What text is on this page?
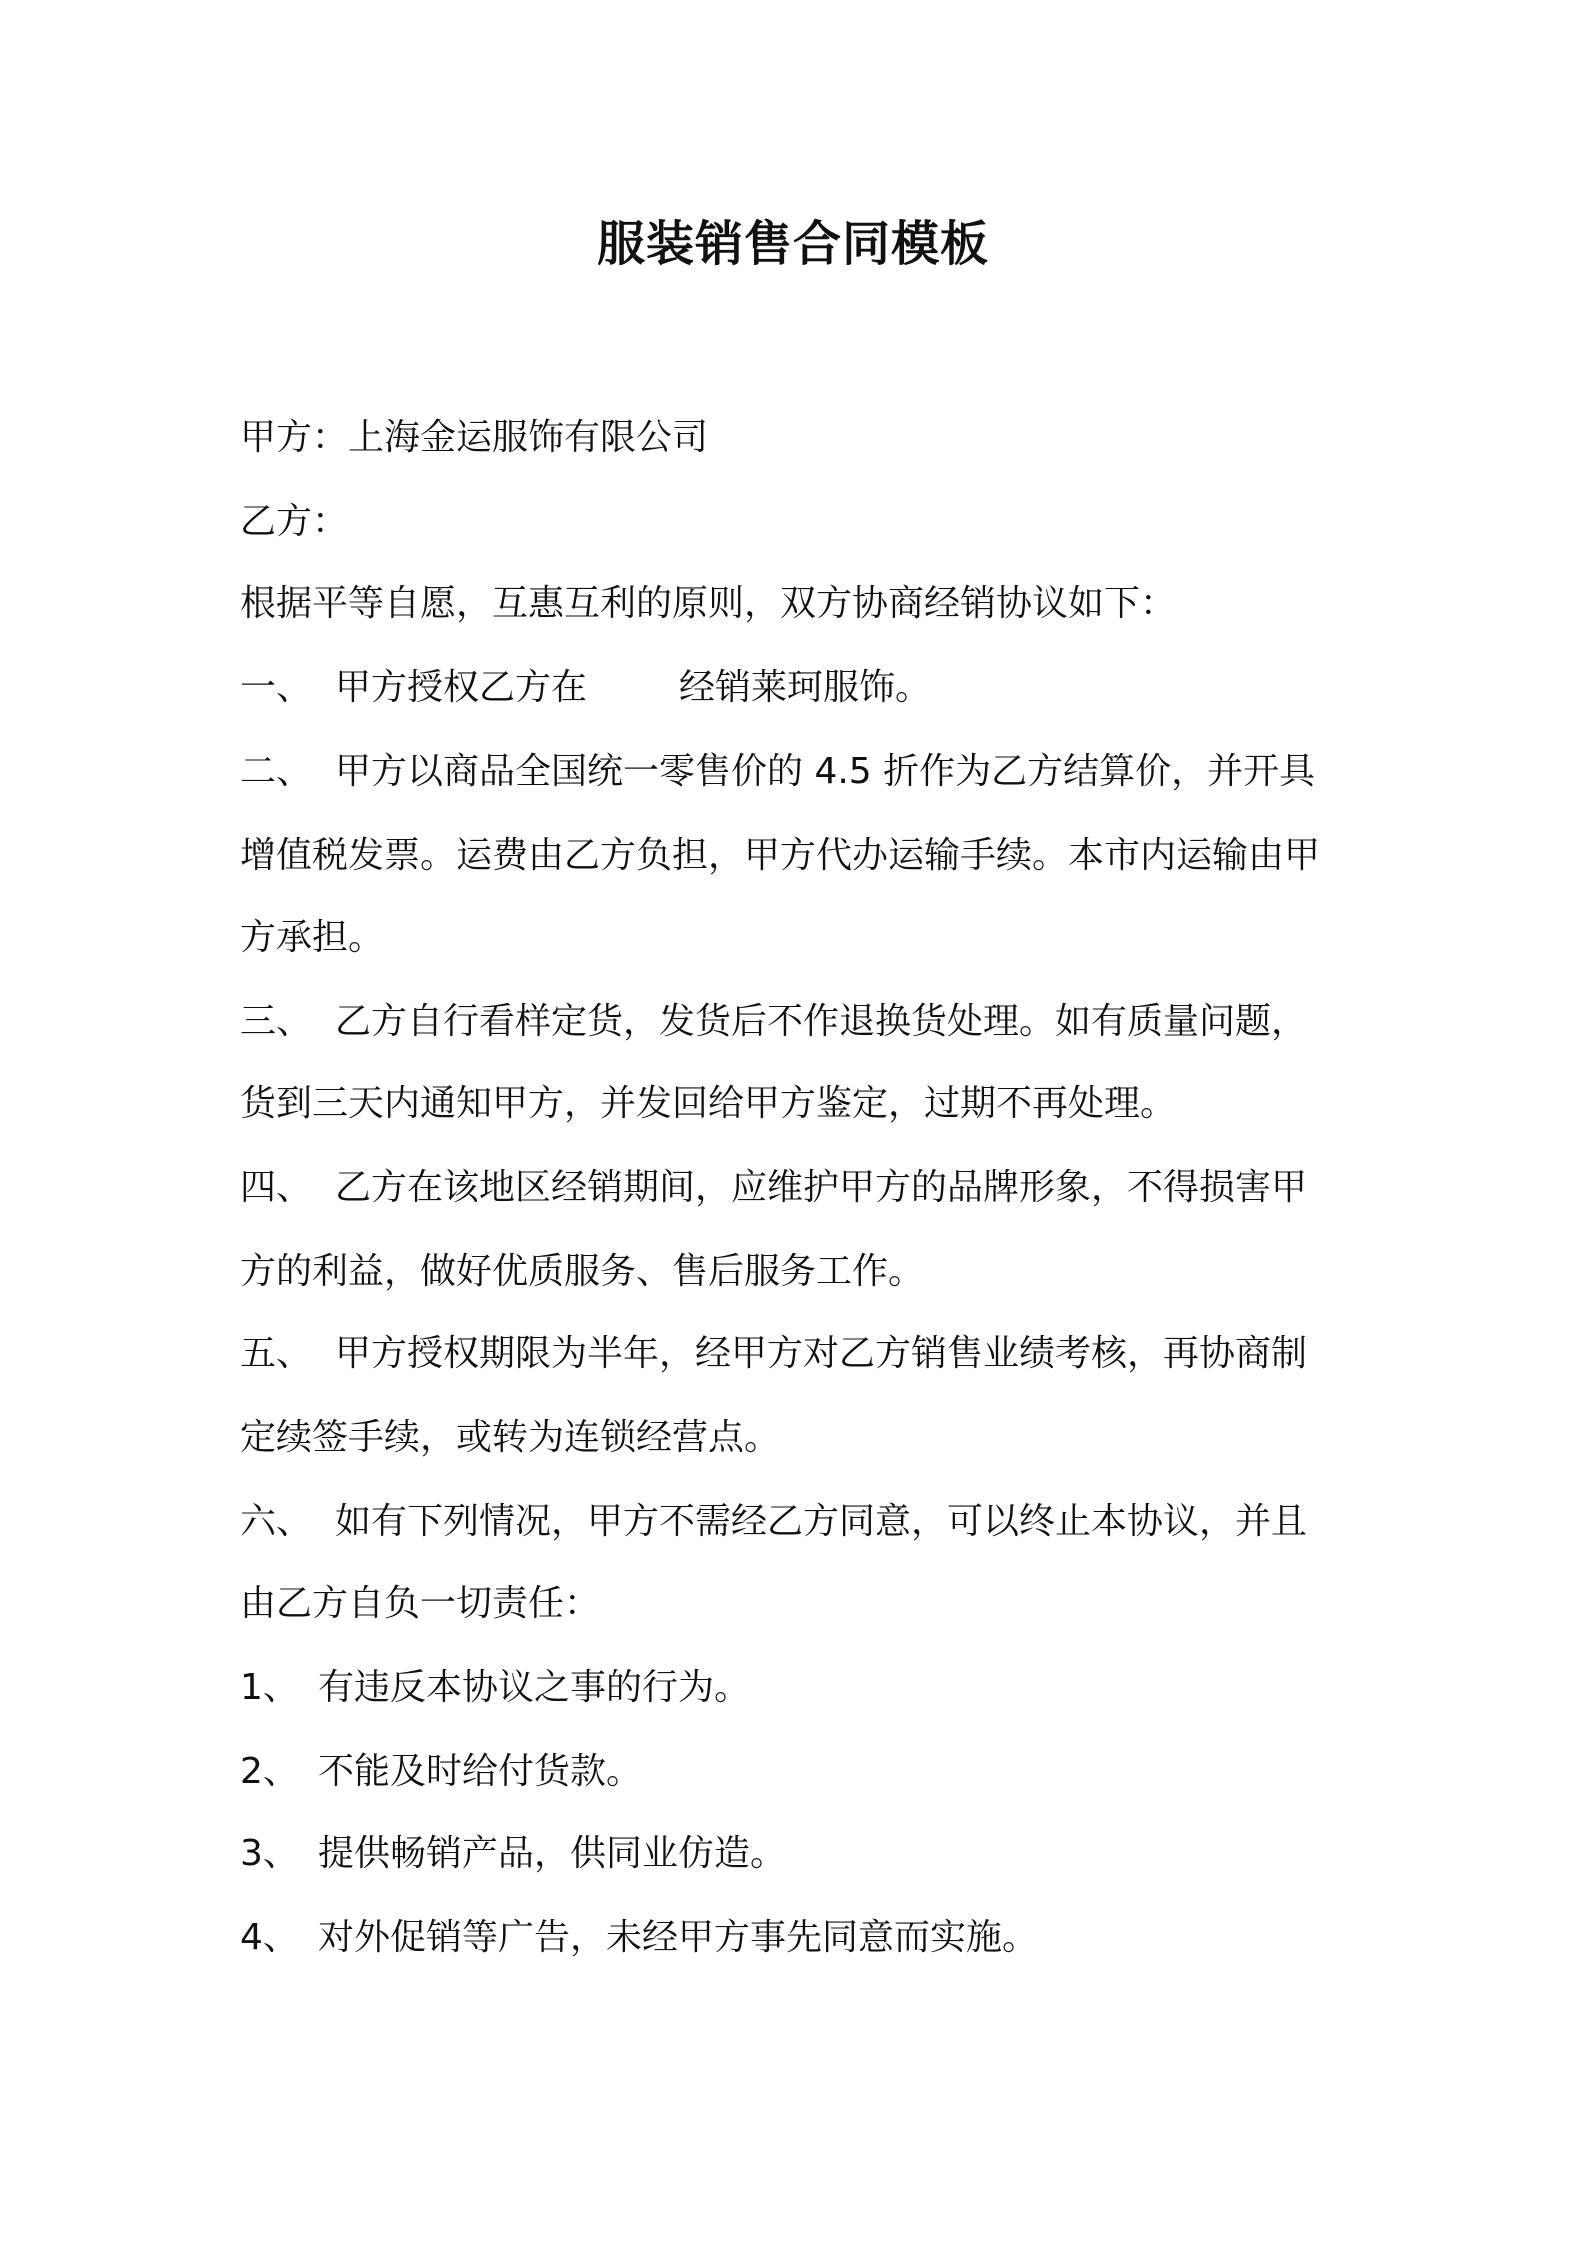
服装销售合同模板
甲方：上海金运服饰有限公司
乙方：
根据平等自愿，互惠互利的原则，双方协商经销协议如下：
一、 甲方授权乙方在	经销莱珂服饰。
二、 甲方以商品全国统一零售价的 4.5 折作为乙方结算价，并开具
增值税发票。运费由乙方负担，甲方代办运输手续。本市内运输由甲
方承担。
三、 乙方自行看样定货，发货后不作退换货处理。如有质量问题，
货到三天内通知甲方，并发回给甲方鉴定，过期不再处理。
四、 乙方在该地区经销期间，应维护甲方的品牌形象，不得损害甲
方的利益，做好优质服务、售后服务工作。
五、 甲方授权期限为半年，经甲方对乙方销售业绩考核，再协商制
定续签手续，或转为连锁经营点。
六、 如有下列情况，甲方不需经乙方同意，可以终止本协议，并且
由乙方自负一切责任：
1、 有违反本协议之事的行为。
2、 不能及时给付货款。
3、 提供畅销产品，供同业仿造。
4、 对外促销等广告，未经甲方事先同意而实施。
